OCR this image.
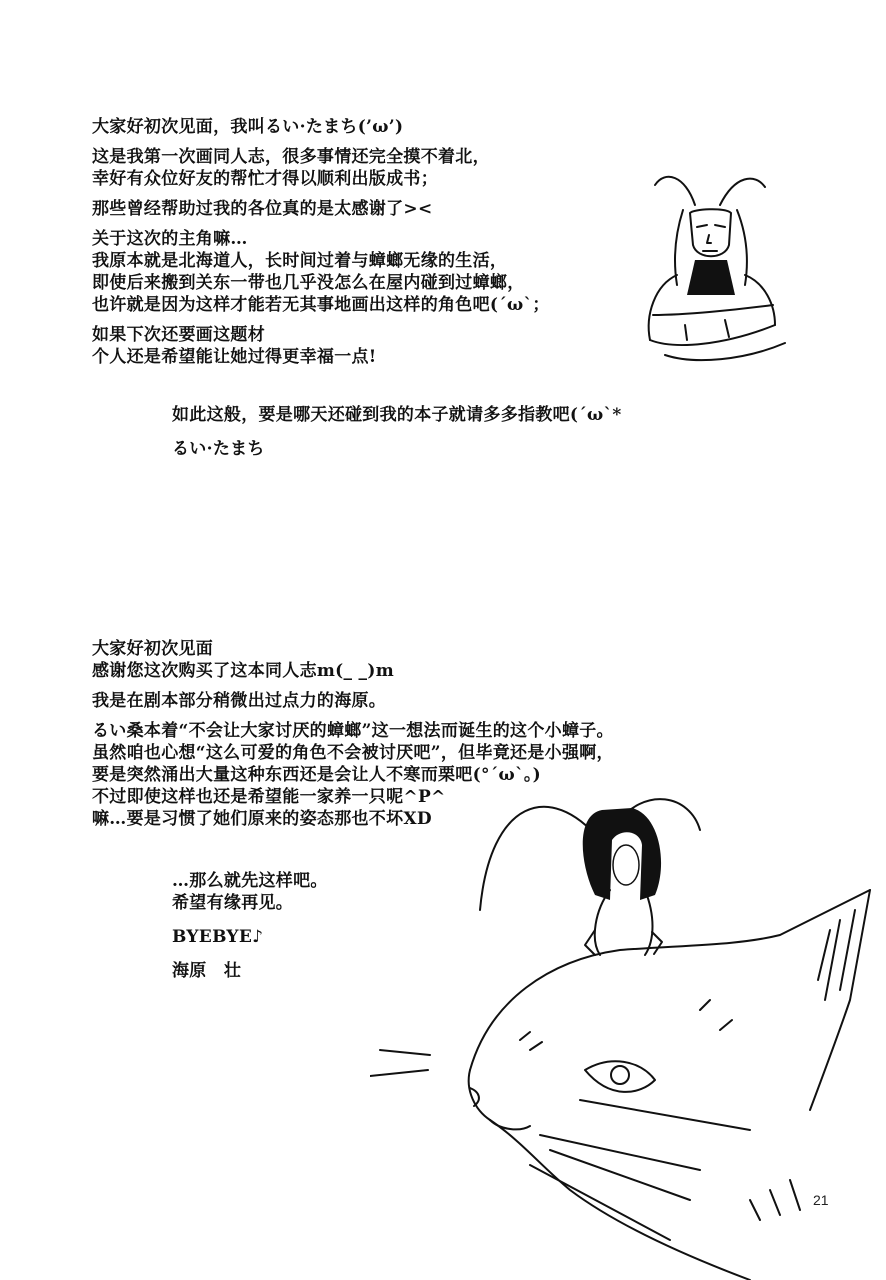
大家好初次见面，我叫るい·たまち(’ω’)
这是我第一次画同人志，很多事情还完全摸不着北，
幸好有众位好友的帮忙才得以顺利出版成书；
那些曾经帮助过我的各位真的是太感谢了><
关于这次的主角嘛…
我原本就是北海道人，长时间过着与蟑螂无缘的生活，
即使后来搬到关东一带也几乎没怎么在屋内碰到过蟑螂，
也许就是因为这样才能若无其事地画出这样的角色吧(´ω`；
如果下次还要画这题材
个人还是希望能让她过得更幸福一点!
如此这般，要是哪天还碰到我的本子就请多多指教吧(´ω`*
るい·たまち
大家好初次见面
感谢您这次购买了这本同人志m(_ _)m
我是在剧本部分稍微出过点力的海原。
るい桑本着“不会让大家讨厌的蟑螂”这一想法而诞生的这个小蟑子。
虽然咱也心想“这么可爱的角色不会被讨厌吧”，但毕竟还是小强啊，
要是突然涌出大量这种东西还是会让人不寒而栗吧(°´ω`。)
不过即使这样也还是希望能一家养一只呢^P^
嘛…要是习惯了她们原来的姿态那也不坏XD
…那么就先这样吧。
希望有缘再见。
BYEBYE♪
海原　壮
21
